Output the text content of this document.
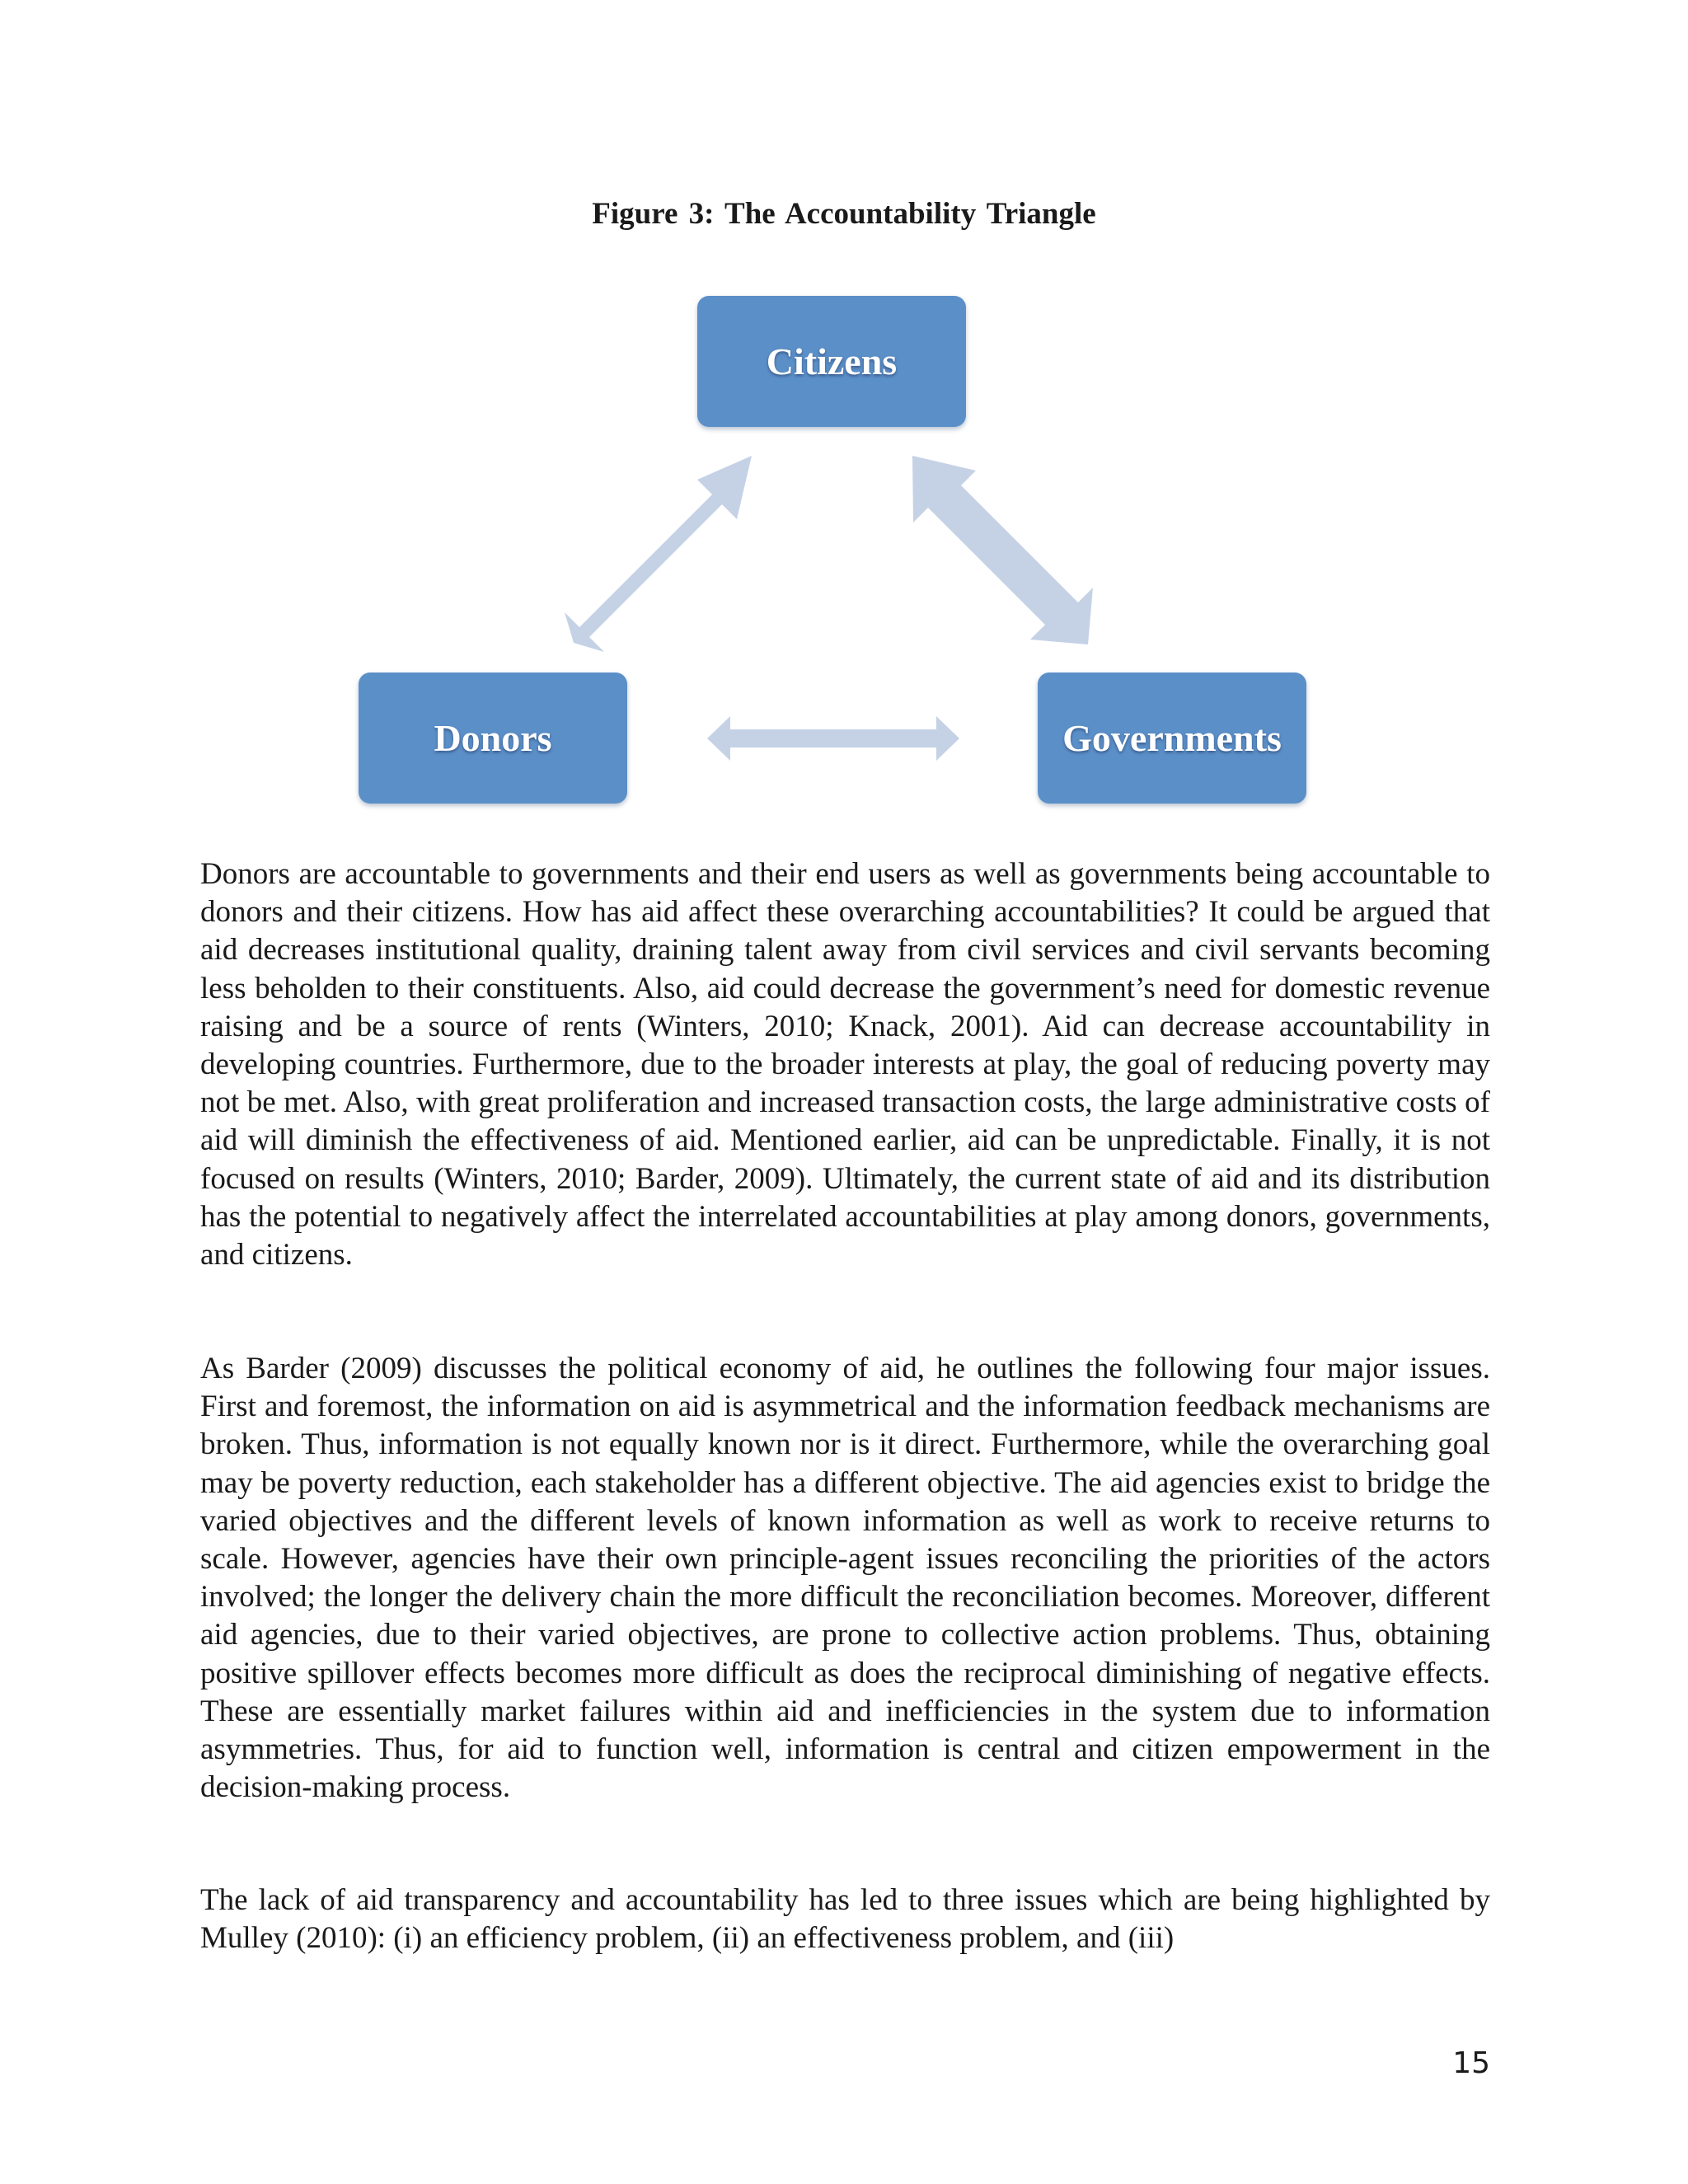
Figure 3: The Accountability Triangle
Citizens
Donors	Governments
Donors are accountable to governments and their end users as well as governments being accountable to donors and their citizens. How has aid affect these overarching accountabilities? It could be argued that aid decreases institutional quality, draining talent away from civil services and civil servants becoming less beholden to their constituents. Also, aid could decrease the government’s need for domestic revenue raising and be a source of rents (Winters, 2010; Knack, 2001). Aid can decrease accountability in developing countries. Furthermore, due to the broader interests at play, the goal of reducing poverty may not be met. Also, with great proliferation and increased transaction costs, the large administrative costs of aid will diminish the effectiveness of aid. Mentioned earlier, aid can be unpredictable. Finally, it is not focused on results (Winters, 2010; Barder, 2009). Ultimately, the current state of aid and its distribution has the potential to negatively affect the interrelated accountabilities at play among donors, governments, and citizens.
As Barder (2009) discusses the political economy of aid, he outlines the following four major issues. First and foremost, the information on aid is asymmetrical and the information feedback mechanisms are broken. Thus, information is not equally known nor is it direct. Furthermore, while the overarching goal may be poverty reduction, each stakeholder has a different objective. The aid agencies exist to bridge the varied objectives and the different levels of known information as well as work to receive returns to scale. However, agencies have their own principle-agent issues reconciling the priorities of the actors involved; the longer the delivery chain the more difficult the reconciliation becomes. Moreover, different aid agencies, due to their varied objectives, are prone to collective action problems. Thus, obtaining positive spillover effects becomes more difficult as does the reciprocal diminishing of negative effects. These are essentially market failures within aid and inefficiencies in the system due to information asymmetries. Thus, for aid to function well, information is central and citizen empowerment in the decision-making process.
The lack of aid transparency and accountability has led to three issues which are being highlighted by Mulley (2010): (i) an efficiency problem, (ii) an effectiveness problem, and (iii)
15
